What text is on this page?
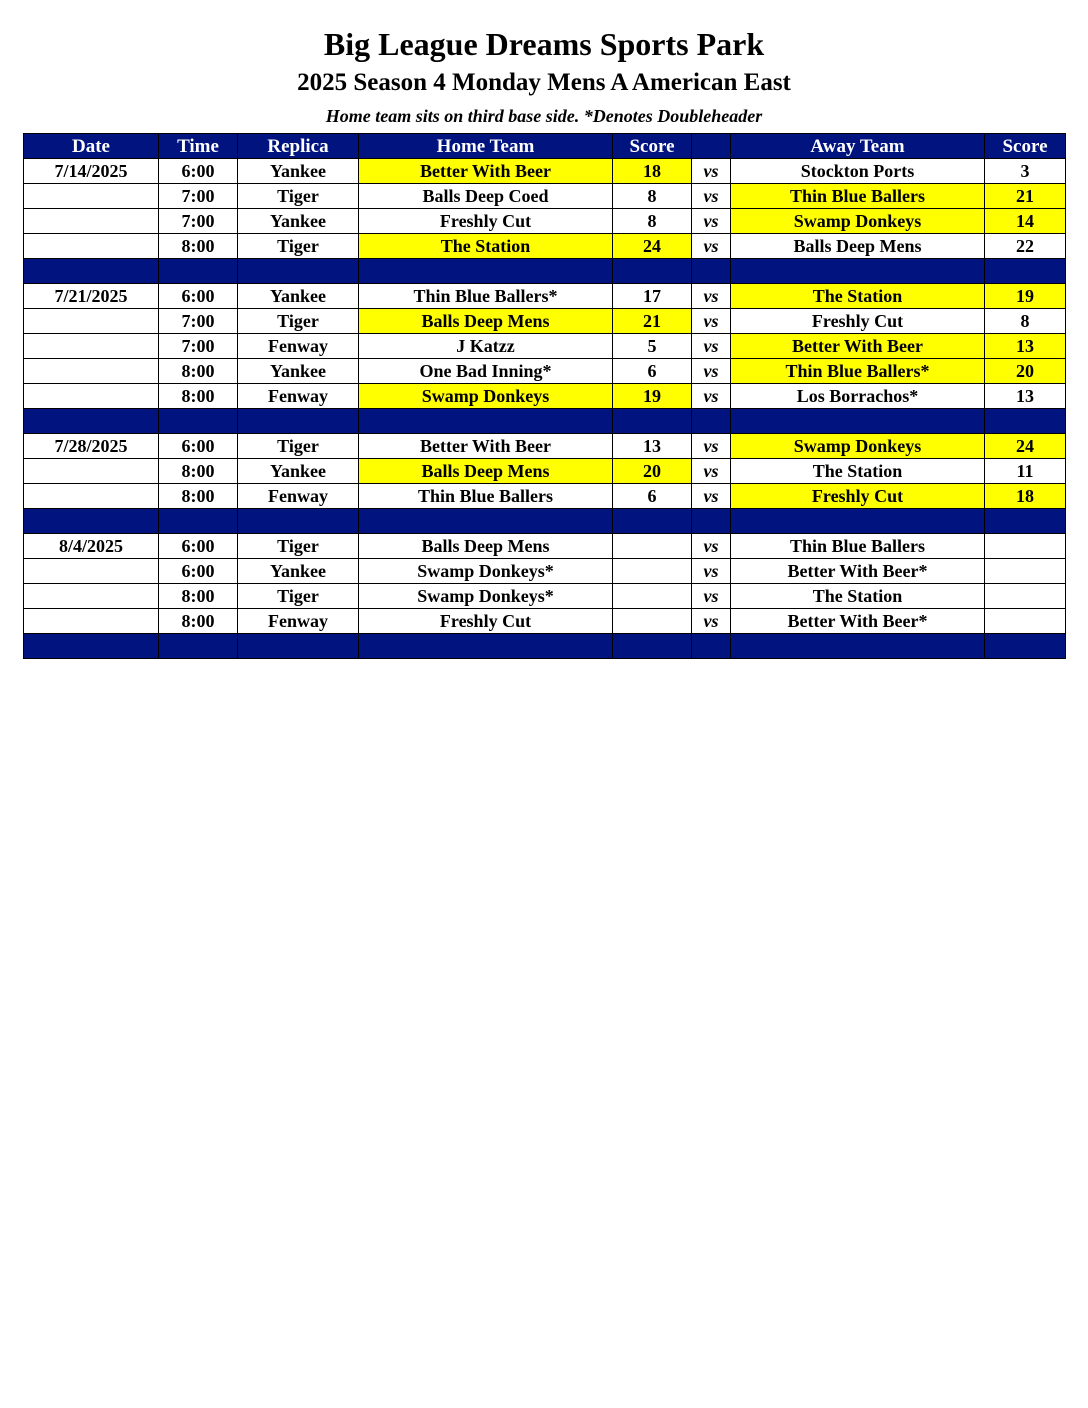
Big League Dreams Sports Park
2025 Season 4 Monday Mens A American East
Home team sits on third base side. *Denotes Doubleheader
Date	Time	Replica	Home Team	Score		Away Team	Score
7/14/2025	6:00	Yankee	Better With Beer	18	vs	Stockton Ports	3
	7:00	Tiger	Balls Deep Coed	8	vs	Thin Blue Ballers	21
	7:00	Yankee	Freshly Cut	8	vs	Swamp Donkeys	14
	8:00	Tiger	The Station	24	vs	Balls Deep Mens	22

7/21/2025	6:00	Yankee	Thin Blue Ballers*	17	vs	The Station	19
	7:00	Tiger	Balls Deep Mens	21	vs	Freshly Cut	8
	7:00	Fenway	J Katzz	5	vs	Better With Beer	13
	8:00	Yankee	One Bad Inning*	6	vs	Thin Blue Ballers*	20
	8:00	Fenway	Swamp Donkeys	19	vs	Los Borrachos*	13

7/28/2025	6:00	Tiger	Better With Beer	13	vs	Swamp Donkeys	24
	8:00	Yankee	Balls Deep Mens	20	vs	The Station	11
	8:00	Fenway	Thin Blue Ballers	6	vs	Freshly Cut	18

8/4/2025	6:00	Tiger	Balls Deep Mens		vs	Thin Blue Ballers	
	6:00	Yankee	Swamp Donkeys*		vs	Better With Beer*	
	8:00	Tiger	Swamp Donkeys*		vs	The Station	
	8:00	Fenway	Freshly Cut		vs	Better With Beer*	
